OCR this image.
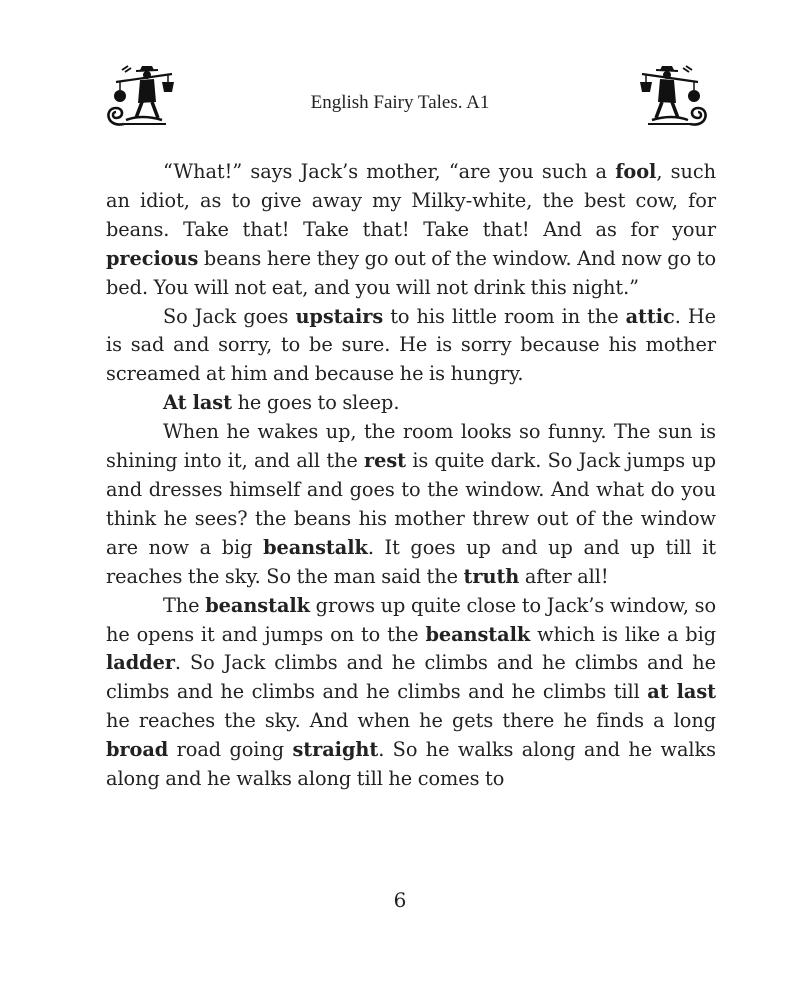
English Fairy Tales. A1

“What!” says Jack’s mother, “are you such a fool, such an idiot, as to give away my Milky-white, the best cow, for beans. Take that! Take that! Take that! And as for your precious beans here they go out of the window. And now go to bed. You will not eat, and you will not drink this night.”

So Jack goes upstairs to his little room in the attic. He is sad and sorry, to be sure. He is sorry because his mother screamed at him and because he is hungry.

At last he goes to sleep.

When he wakes up, the room looks so funny. The sun is shining into it, and all the rest is quite dark. So Jack jumps up and dresses himself and goes to the window. And what do you think he sees? the beans his mother threw out of the window are now a big beanstalk. It goes up and up and up till it reaches the sky. So the man said the truth after all!

The beanstalk grows up quite close to Jack’s window, so he opens it and jumps on to the beanstalk which is like a big ladder. So Jack climbs and he climbs and he climbs and he climbs and he climbs and he climbs and he climbs till at last he reaches the sky. And when he gets there he finds a long broad road going straight. So he walks along and he walks along and he walks along till he comes to

6
